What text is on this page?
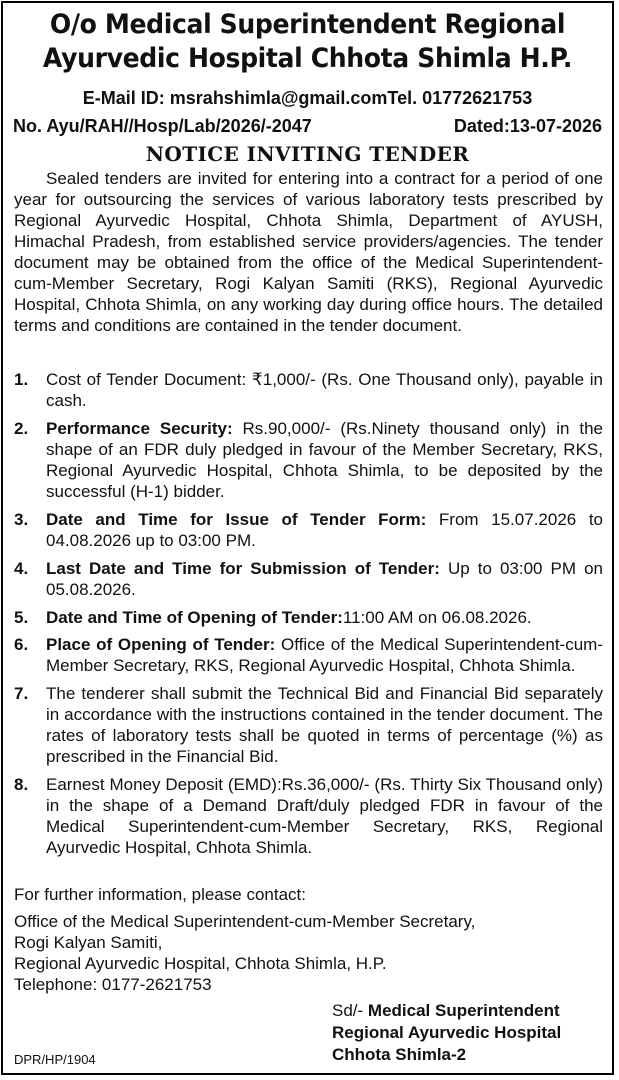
O/o Medical Superintendent Regional
Ayurvedic Hospital Chhota Shimla H.P.
E-Mail ID: msrahshimla@gmail.comTel. 01772621753
No. Ayu/RAH//Hosp/Lab/2026/-2047	Dated:13-07-2026
NOTICE INVITING TENDER
Sealed tenders are invited for entering into a contract for a period of one year for outsourcing the services of various laboratory tests prescribed by Regional Ayurvedic Hospital, Chhota Shimla, Department of AYUSH, Himachal Pradesh, from established service providers/agencies. The tender document may be obtained from the office of the Medical Superintendent-cum-Member Secretary, Rogi Kalyan Samiti (RKS), Regional Ayurvedic Hospital, Chhota Shimla, on any working day during office hours. The detailed terms and conditions are contained in the tender document.
1.	Cost of Tender Document: ₹1,000/- (Rs. One Thousand only), payable in cash.
2.	Performance Security: Rs.90,000/- (Rs.Ninety thousand only) in the shape of an FDR duly pledged in favour of the Member Secretary, RKS, Regional Ayurvedic Hospital, Chhota Shimla, to be deposited by the successful (H-1) bidder.
3.	Date and Time for Issue of Tender Form: From 15.07.2026 to 04.08.2026 up to 03:00 PM.
4.	Last Date and Time for Submission of Tender: Up to 03:00 PM on 05.08.2026.
5.	Date and Time of Opening of Tender:11:00 AM on 06.08.2026.
6.	Place of Opening of Tender: Office of the Medical Superintendent-cum-Member Secretary, RKS, Regional Ayurvedic Hospital, Chhota Shimla.
7.	The tenderer shall submit the Technical Bid and Financial Bid separately in accordance with the instructions contained in the tender document. The rates of laboratory tests shall be quoted in terms of percentage (%) as prescribed in the Financial Bid.
8.	Earnest Money Deposit (EMD):Rs.36,000/- (Rs. Thirty Six Thousand only) in the shape of a Demand Draft/duly pledged FDR in favour of the Medical Superintendent-cum-Member Secretary, RKS, Regional Ayurvedic Hospital, Chhota Shimla.
For further information, please contact:
Office of the Medical Superintendent-cum-Member Secretary,
Rogi Kalyan Samiti,
Regional Ayurvedic Hospital, Chhota Shimla, H.P.
Telephone: 0177-2621753
Sd/- Medical Superintendent
Regional Ayurvedic Hospital
Chhota Shimla-2
DPR/HP/1904
